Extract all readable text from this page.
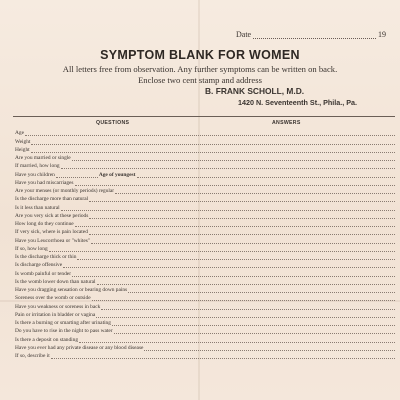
Date	19
SYMPTOM BLANK FOR WOMEN
All letters free from observation. Any further symptoms can be written on back.
Enclose two cent stamp and address
B. FRANK SCHOLL, M.D.
1420 N. Seventeenth St., Phila., Pa.
QUESTIONS	ANSWERS
Age
Weight
Height
Are you married or single
If married, how long
Have you children	Age of youngest
Have you had miscarriages
Are your menses (or monthly periods) regular
Is the discharge more than natural
Is it less than natural
Are you very sick at these periods
How long do they continue
If very sick, where is pain located
Have you Leucorrhoea or "whites"
If so, how long
Is the discharge thick or thin
Is discharge offensive
Is womb painful or tender
Is the womb lower down than natural
Have you dragging sensation or bearing down pains
Soreness over the womb or outside
Have you weakness or soreness in back
Pain or irritation in bladder or vagina
Is there a burning or smarting after urinating
Do you have to rise in the night to pass water
Is there a deposit on standing
Have you ever had any private disease or any blood disease
If so, describe it
